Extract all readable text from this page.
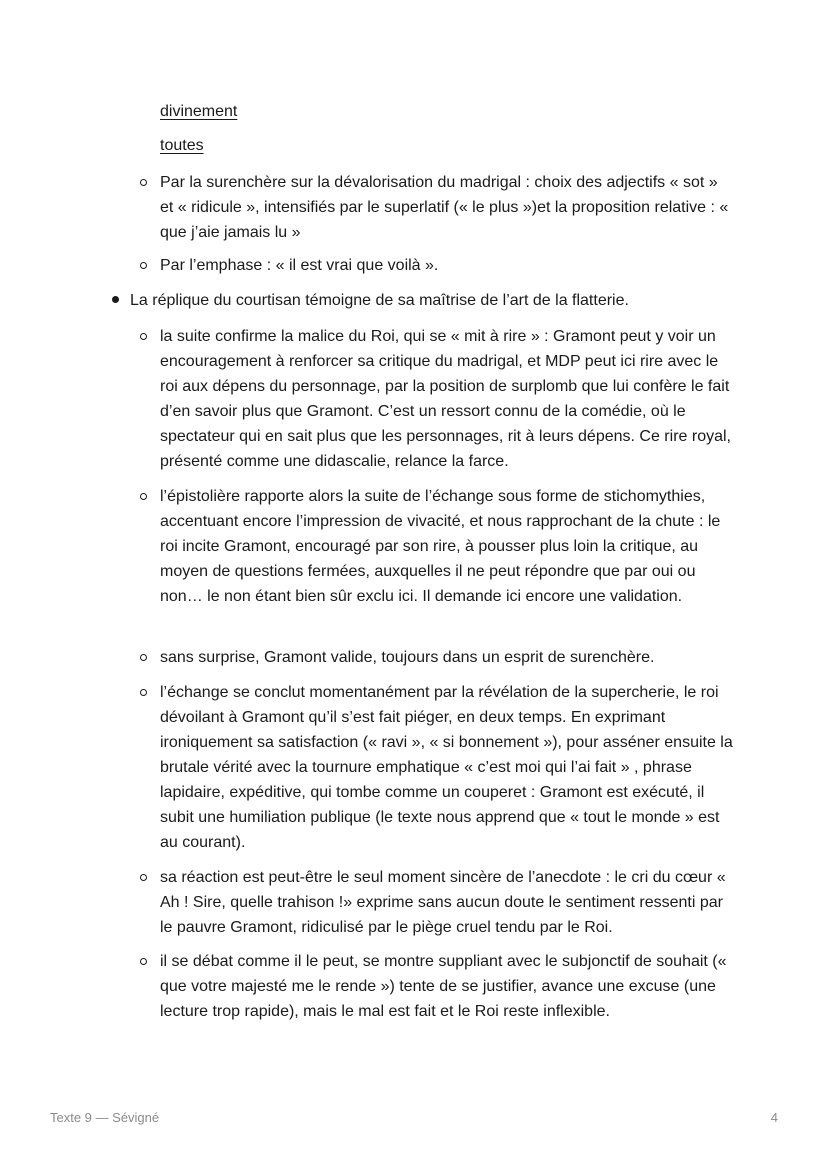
divinement
toutes

Par la surenchère sur la dévalorisation du madrigal : choix des adjectifs « sot » et « ridicule », intensifiés par le superlatif (« le plus »)et la proposition relative : « que j’aie jamais lu »

Par l’emphase : « il est vrai que voilà ».

La réplique du courtisan témoigne de sa maîtrise de l’art de la flatterie.

la suite confirme la malice du Roi, qui se « mit à rire » : Gramont peut y voir un encouragement à renforcer sa critique du madrigal, et MDP peut ici rire avec le roi aux dépens du personnage, par la position de surplomb que lui confère le fait d’en savoir plus que Gramont. C’est un ressort connu de la comédie, où le spectateur qui en sait plus que les personnages, rit à leurs dépens. Ce rire royal, présenté comme une didascalie, relance la farce.

l’épistolière rapporte alors la suite de l’échange sous forme de stichomythies, accentuant encore l’impression de vivacité, et nous rapprochant de la chute : le roi incite Gramont, encouragé par son rire, à pousser plus loin la critique, au moyen de questions fermées, auxquelles il ne peut répondre que par oui ou non… le non étant bien sûr exclu ici. Il demande ici encore une validation.

sans surprise, Gramont valide, toujours dans un esprit de surenchère.

l’échange se conclut momentanément par la révélation de la supercherie, le roi dévoilant à Gramont qu’il s’est fait piéger, en deux temps. En exprimant ironiquement sa satisfaction (« ravi », « si bonnement »), pour asséner ensuite la brutale vérité avec la tournure emphatique « c’est moi qui l’ai fait » , phrase lapidaire, expéditive, qui tombe comme un couperet : Gramont est exécuté, il subit une humiliation publique (le texte nous apprend que « tout le monde » est au courant).

sa réaction est peut-être le seul moment sincère de l’anecdote : le cri du cœur « Ah ! Sire, quelle trahison !» exprime sans aucun doute le sentiment ressenti par le pauvre Gramont, ridiculisé par le piège cruel tendu par le Roi.

il se débat comme il le peut, se montre suppliant avec le subjonctif de souhait (« que votre majesté me le rende ») tente de se justifier, avance une excuse (une lecture trop rapide), mais le mal est fait et le Roi reste inflexible.

Texte 9 — Sévigné	4
